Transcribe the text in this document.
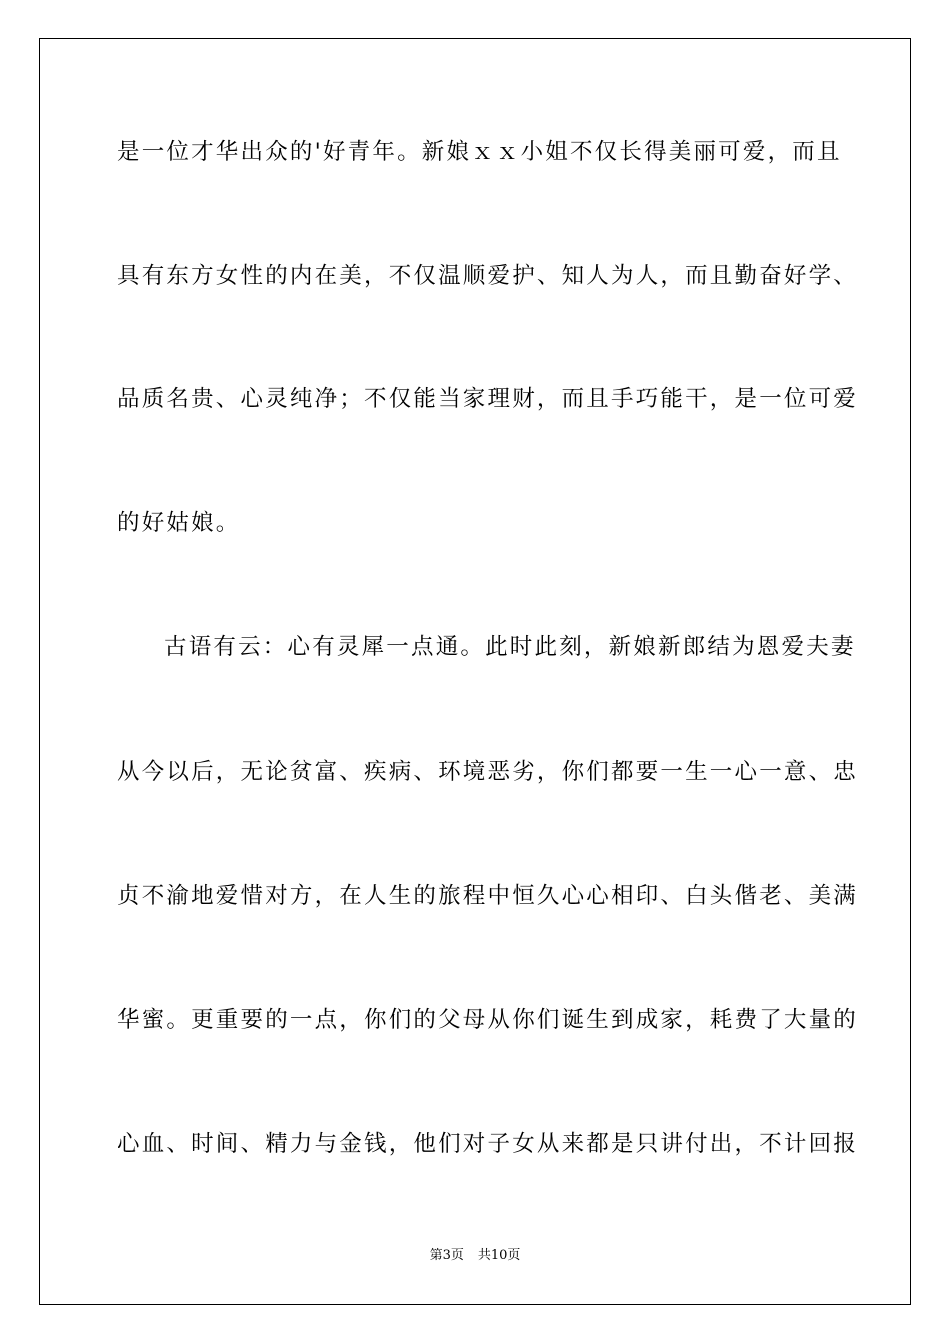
是一位才华出众的'好青年。新娘ｘｘ小姐不仅长得美丽可爱，而且
具有东方女性的内在美，不仅温顺爱护、知人为人，而且勤奋好学、
品质名贵、心灵纯净；不仅能当家理财，而且手巧能干，是一位可爱
的好姑娘。
古语有云：心有灵犀一点通。此时此刻，新娘新郎结为恩爱夫妻
从今以后，无论贫富、疾病、环境恶劣，你们都要一生一心一意、忠
贞不渝地爱惜对方，在人生的旅程中恒久心心相印、白头偕老、美满
华蜜。更重要的一点，你们的父母从你们诞生到成家，耗费了大量的
心血、时间、精力与金钱，他们对子女从来都是只讲付出，不计回报
第3页 共10页
